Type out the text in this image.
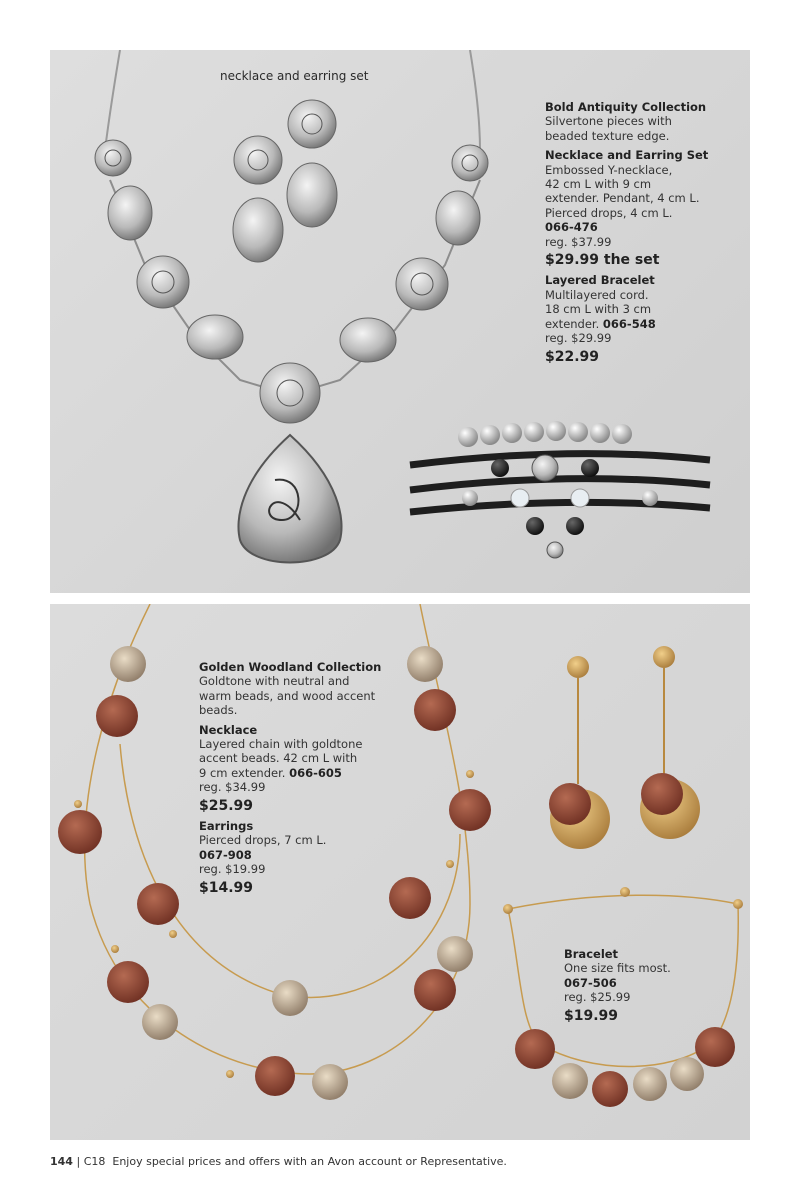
necklace and earring set
Bold Antiquity Collection
Silvertone pieces with
beaded texture edge.
Necklace and Earring Set
Embossed Y-necklace,
42 cm L with 9 cm
extender. Pendant, 4 cm L.
Pierced drops, 4 cm L.
066-476
reg. $37.99
$29.99 the set
Layered Bracelet
Multilayered cord.
18 cm L with 3 cm
extender. 066-548
reg. $29.99
$22.99
Golden Woodland Collection
Goldtone with neutral and
warm beads, and wood accent
beads.
Necklace
Layered chain with goldtone
accent beads. 42 cm L with
9 cm extender. 066-605
reg. $34.99
$25.99
Earrings
Pierced drops, 7 cm L.
067-908
reg. $19.99
$14.99
Bracelet
One size fits most.
067-506
reg. $25.99
$19.99
144 | C18 Enjoy special prices and offers with an Avon account or Representative.
